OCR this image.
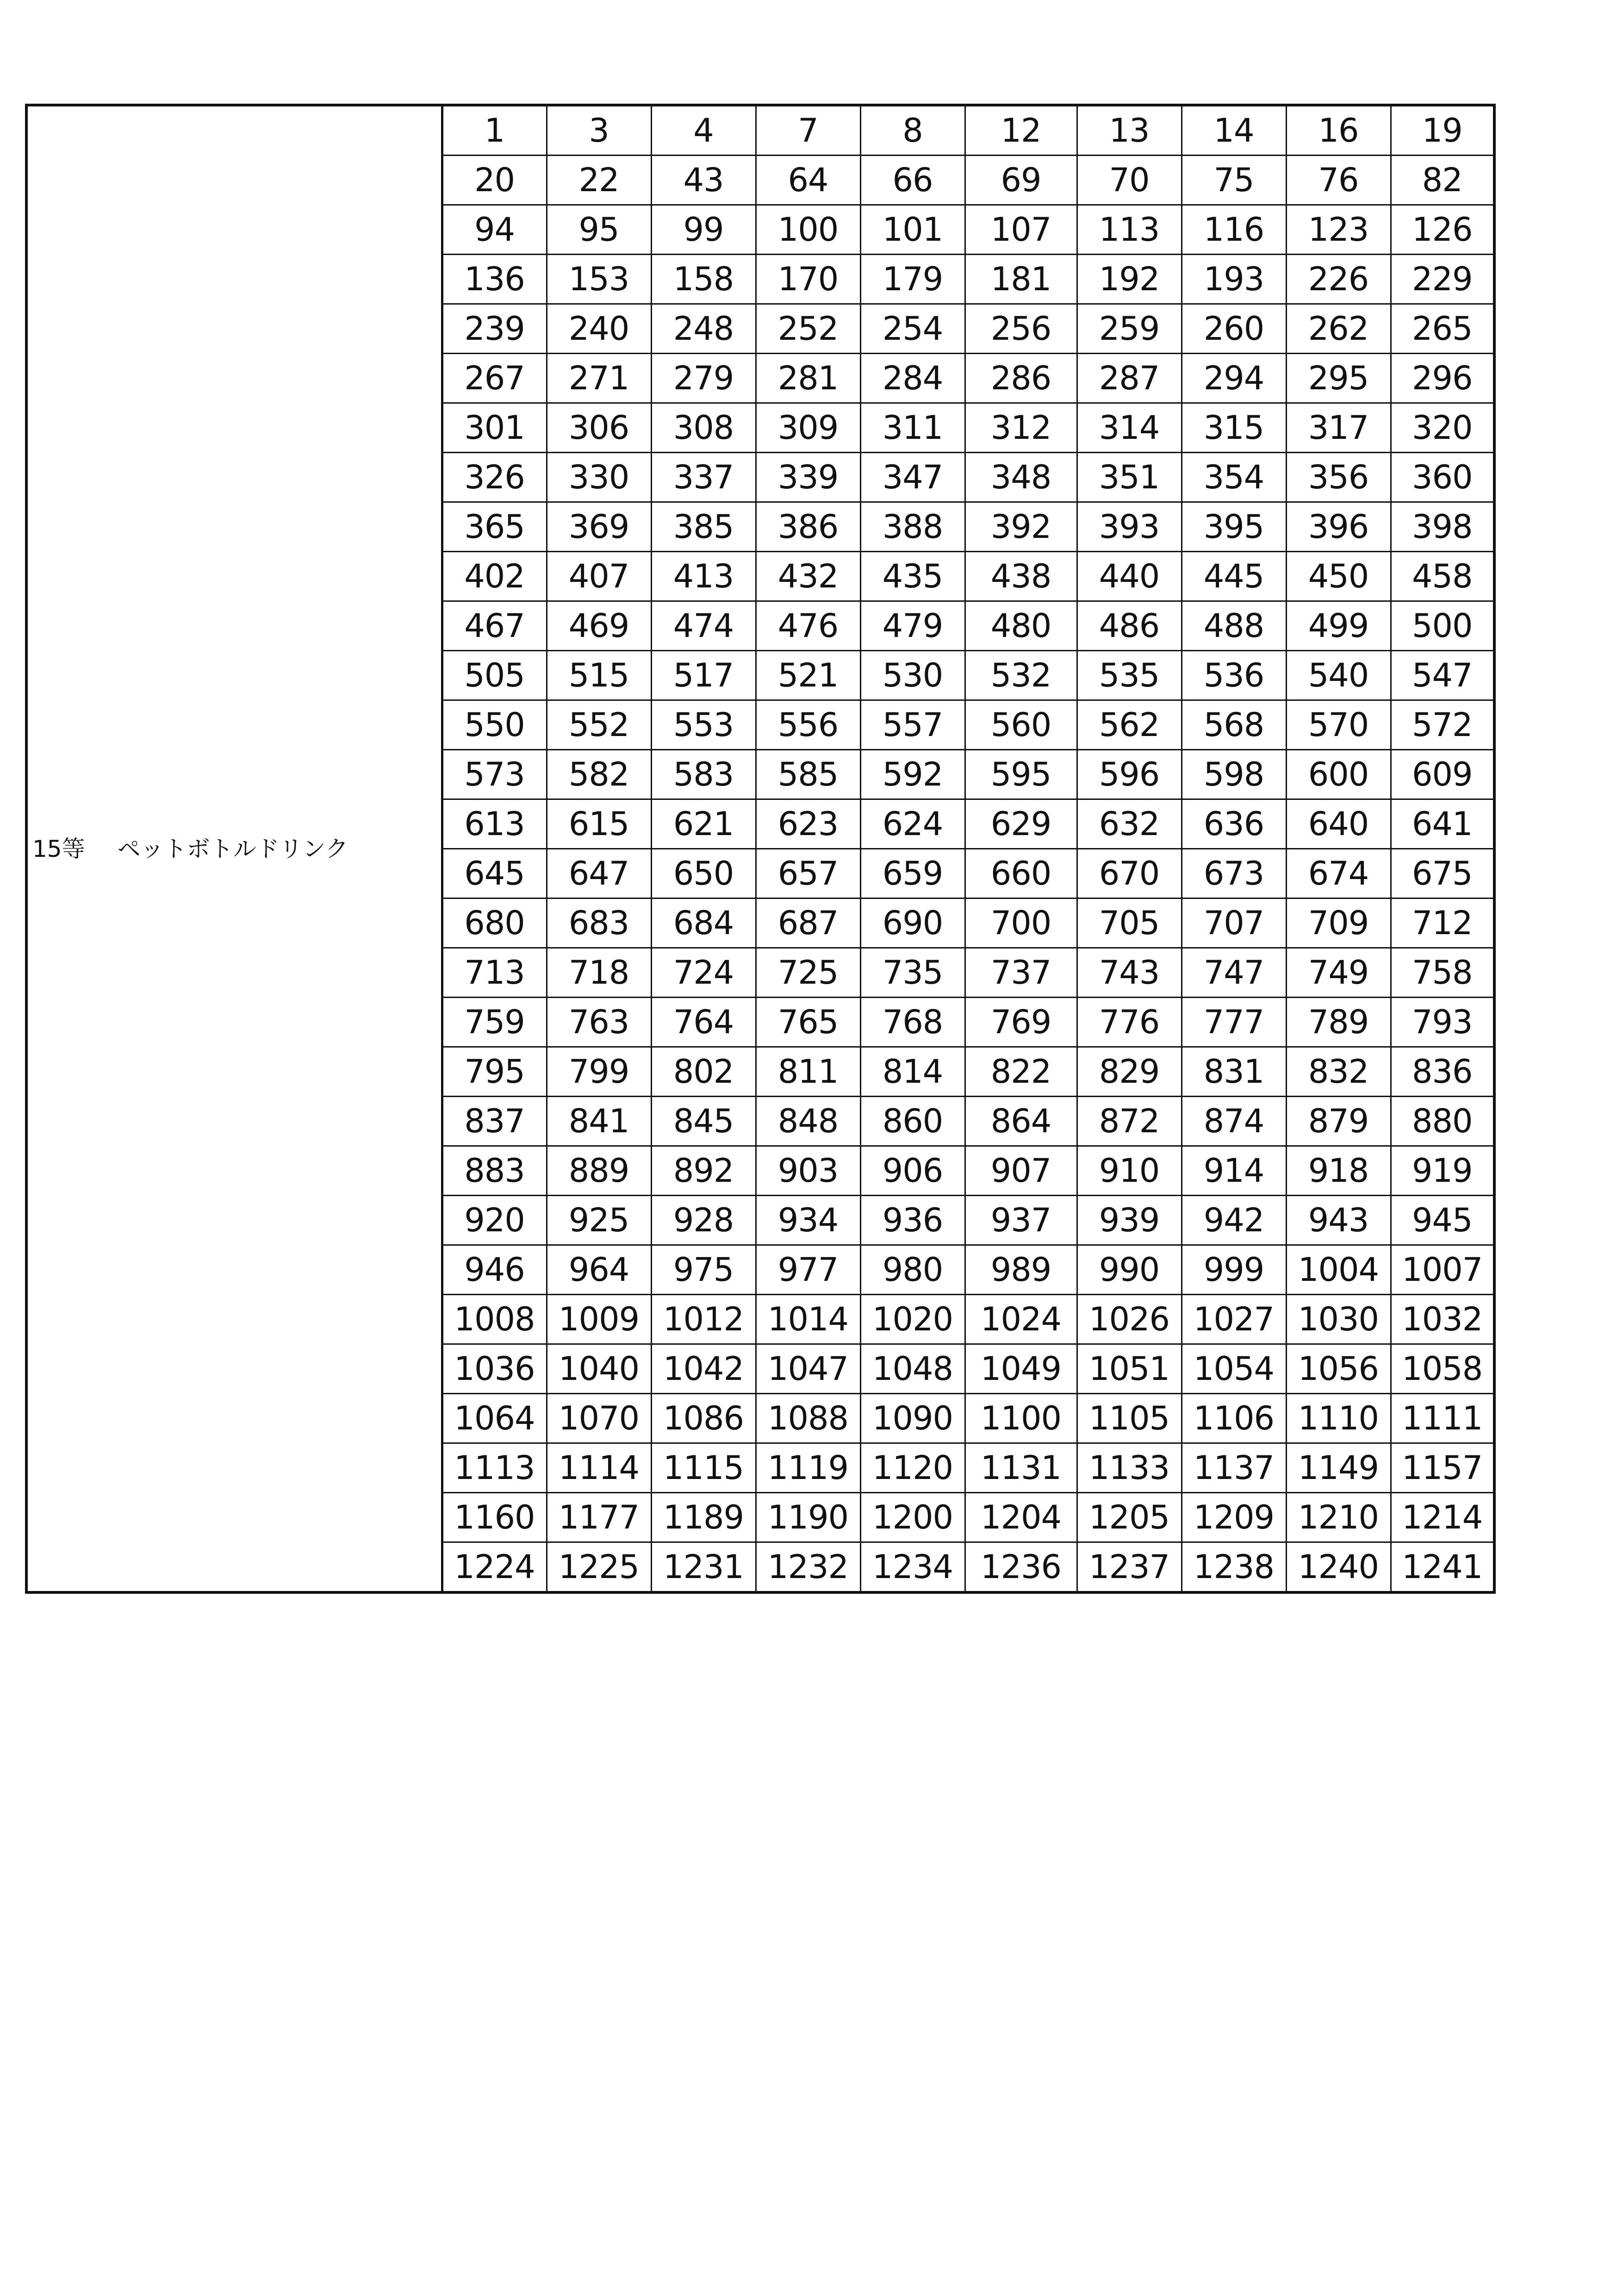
15等 ペットボトルドリンク	1	3	4	7	8	12	13	14	16	19
	20	22	43	64	66	69	70	75	76	82
	94	95	99	100	101	107	113	116	123	126
	136	153	158	170	179	181	192	193	226	229
	239	240	248	252	254	256	259	260	262	265
	267	271	279	281	284	286	287	294	295	296
	301	306	308	309	311	312	314	315	317	320
	326	330	337	339	347	348	351	354	356	360
	365	369	385	386	388	392	393	395	396	398
	402	407	413	432	435	438	440	445	450	458
	467	469	474	476	479	480	486	488	499	500
	505	515	517	521	530	532	535	536	540	547
	550	552	553	556	557	560	562	568	570	572
	573	582	583	585	592	595	596	598	600	609
	613	615	621	623	624	629	632	636	640	641
	645	647	650	657	659	660	670	673	674	675
	680	683	684	687	690	700	705	707	709	712
	713	718	724	725	735	737	743	747	749	758
	759	763	764	765	768	769	776	777	789	793
	795	799	802	811	814	822	829	831	832	836
	837	841	845	848	860	864	872	874	879	880
	883	889	892	903	906	907	910	914	918	919
	920	925	928	934	936	937	939	942	943	945
	946	964	975	977	980	989	990	999	1004	1007
	1008	1009	1012	1014	1020	1024	1026	1027	1030	1032
	1036	1040	1042	1047	1048	1049	1051	1054	1056	1058
	1064	1070	1086	1088	1090	1100	1105	1106	1110	1111
	1113	1114	1115	1119	1120	1131	1133	1137	1149	1157
	1160	1177	1189	1190	1200	1204	1205	1209	1210	1214
	1224	1225	1231	1232	1234	1236	1237	1238	1240	1241
